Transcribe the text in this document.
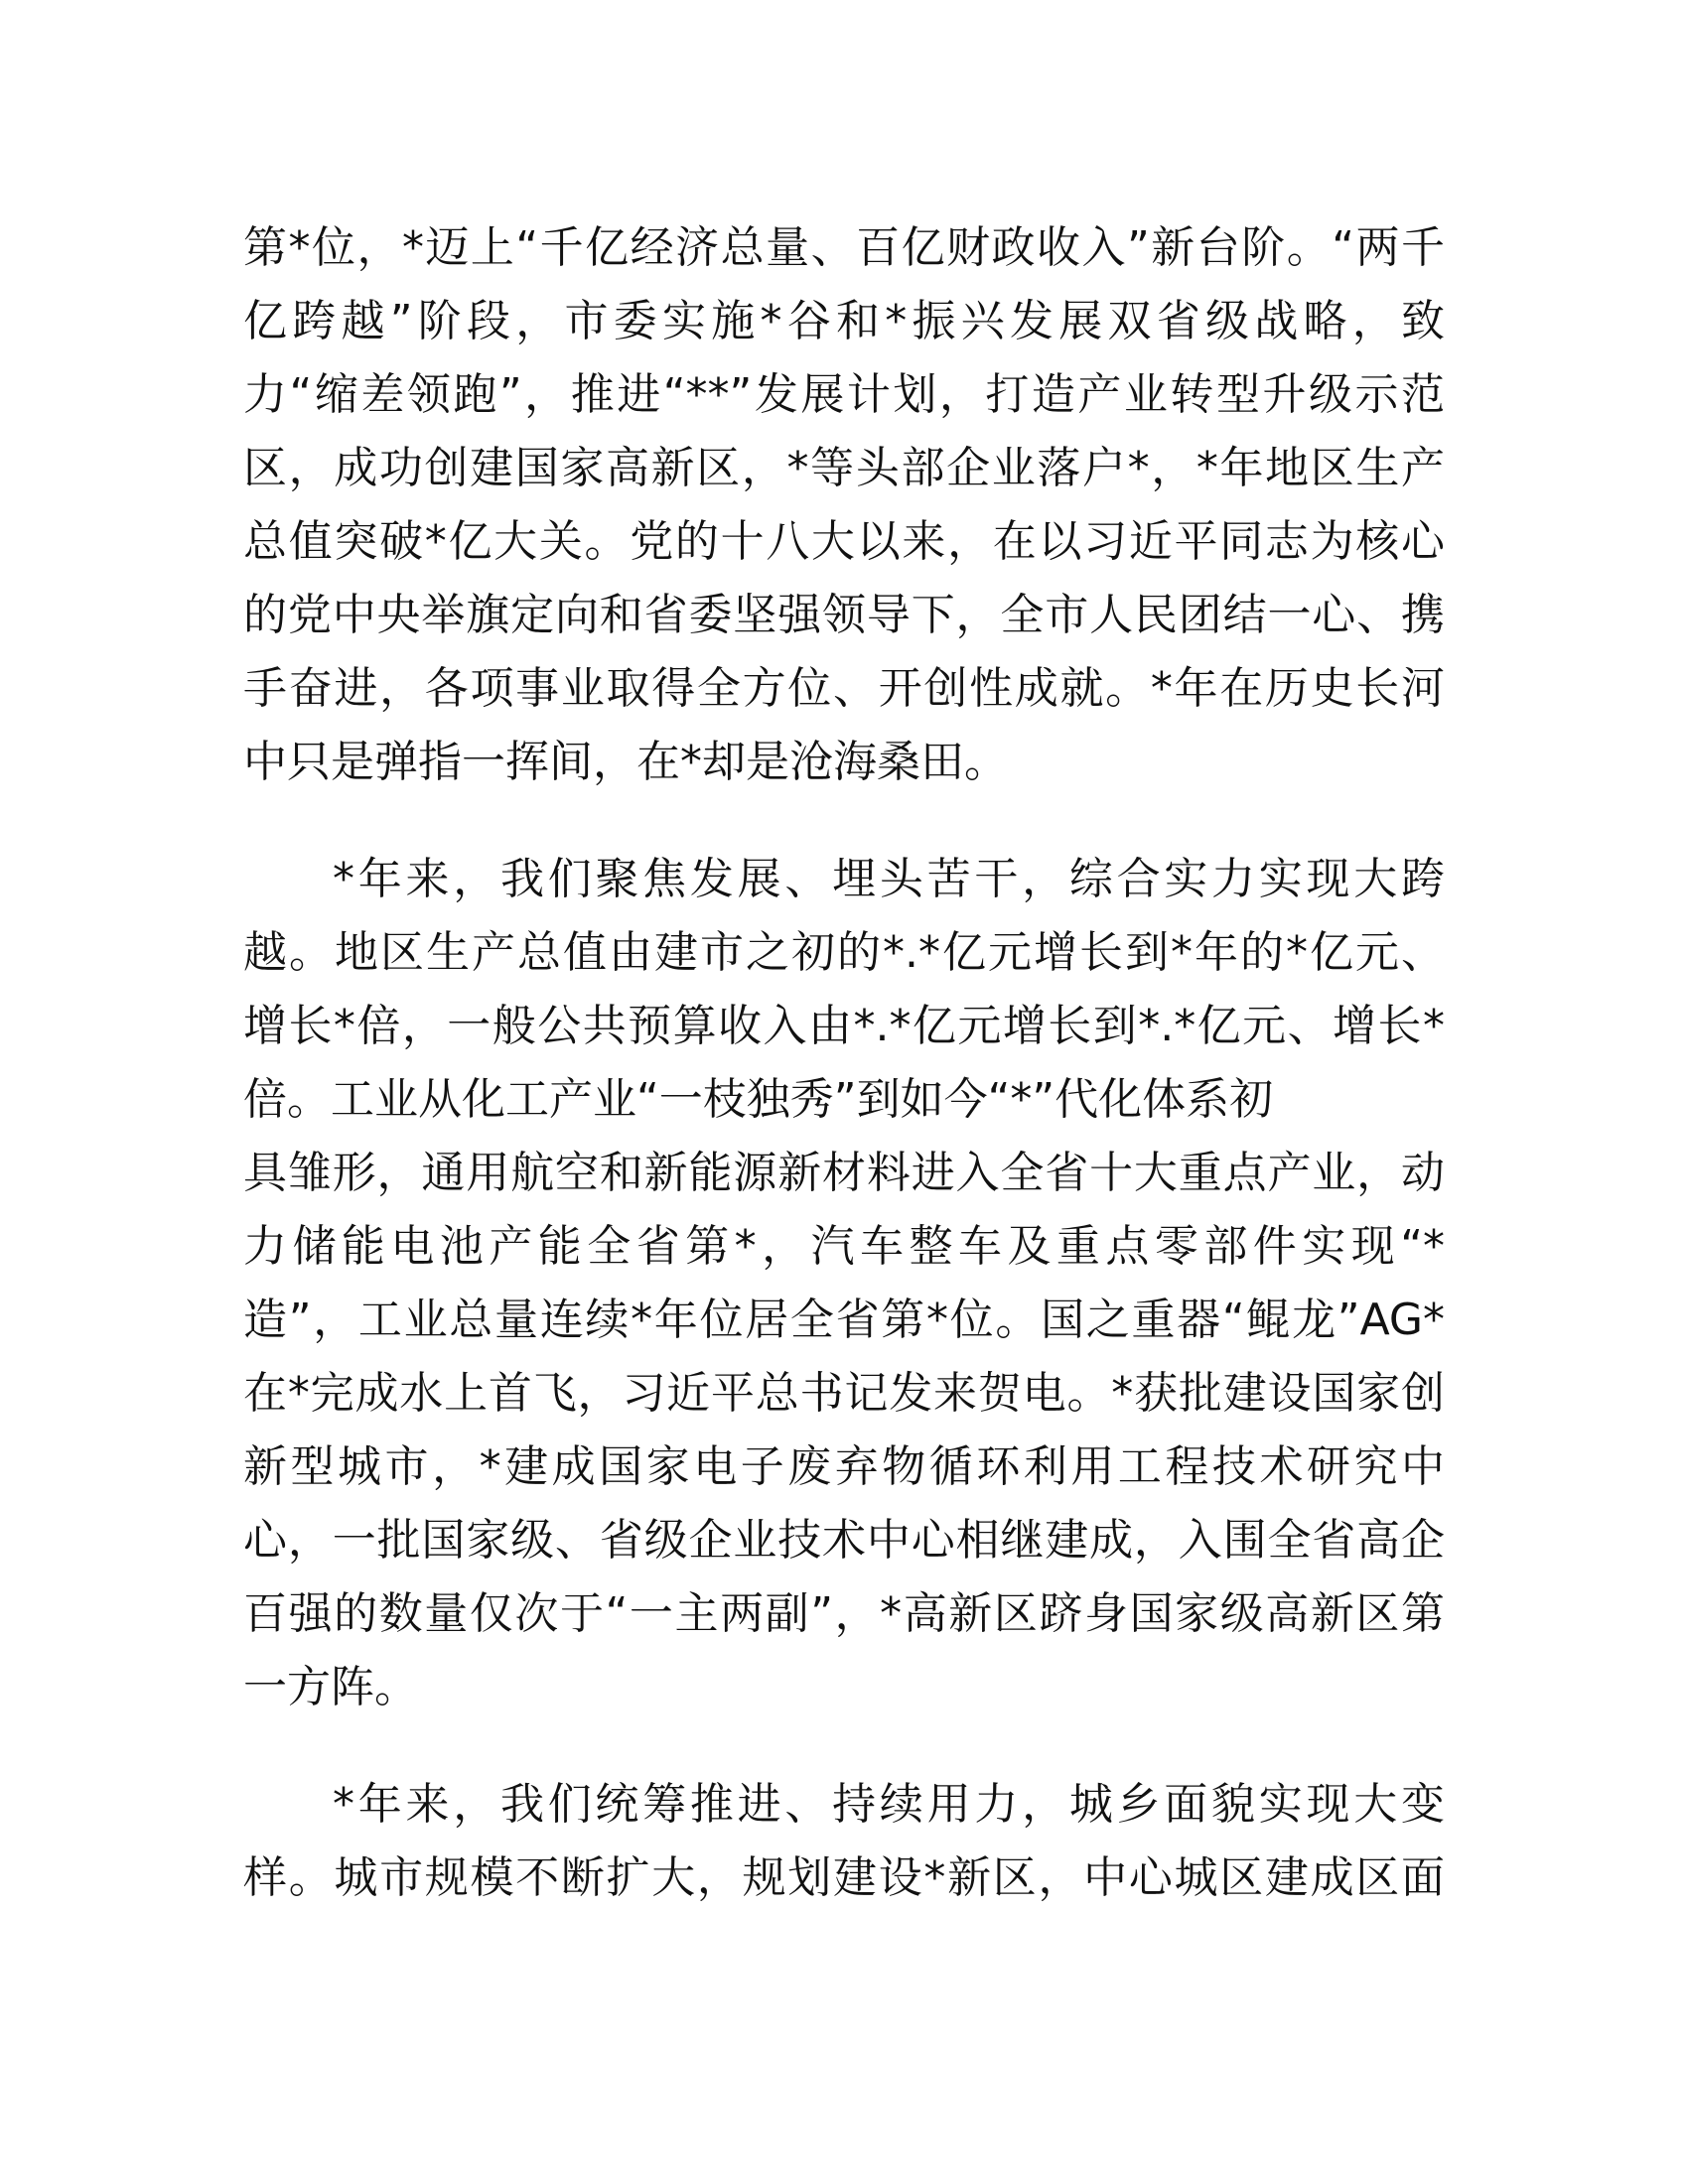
第*位，*迈上“千亿经济总量、百亿财政收入”新台阶。“两千
亿跨越”阶段，市委实施*谷和*振兴发展双省级战略，致
力“缩差领跑”，推进“**”发展计划，打造产业转型升级示范
区，成功创建国家高新区，*等头部企业落户*，*年地区生产
总值突破*亿大关。党的十八大以来，在以习近平同志为核心
的党中央举旗定向和省委坚强领导下，全市人民团结一心、携
手奋进，各项事业取得全方位、开创性成就。*年在历史长河
中只是弹指一挥间，在*却是沧海桑田。
*年来，我们聚焦发展、埋头苦干，综合实力实现大跨
越。地区生产总值由建市之初的*.*亿元增长到*年的*亿元、
增长*倍，一般公共预算收入由*.*亿元增长到*.*亿元、增长*
倍。工业从化工产业“一枝独秀”到如今“*”代化体系初
具雏形，通用航空和新能源新材料进入全省十大重点产业，动
力储能电池产能全省第*，汽车整车及重点零部件实现“*
造”，工业总量连续*年位居全省第*位。国之重器“鲲龙”AG*
在*完成水上首飞，习近平总书记发来贺电。*获批建设国家创
新型城市，*建成国家电子废弃物循环利用工程技术研究中
心，一批国家级、省级企业技术中心相继建成，入围全省高企
百强的数量仅次于“一主两副”，*高新区跻身国家级高新区第
一方阵。
*年来，我们统筹推进、持续用力，城乡面貌实现大变
样。城市规模不断扩大，规划建设*新区，中心城区建成区面
